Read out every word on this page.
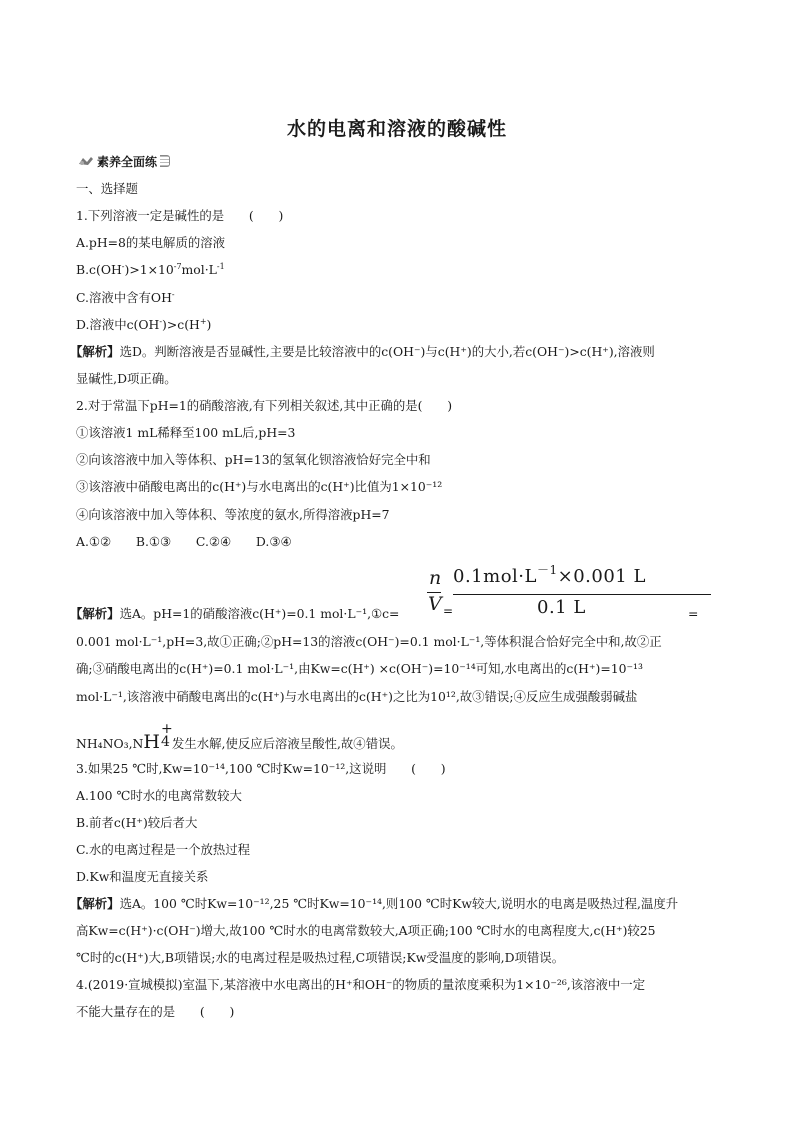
水的电离和溶液的酸碱性
素养全面练
一、选择题
1.下列溶液一定是碱性的是　　(　　)
A.pH=8的某电解质的溶液
$B.c(OH^-)>1\times 10^{-7}mol\cdot L^{-1}$
C.溶液中含有OH-
D.溶液中c(OH-)>c(H+)
【解析】选D。判断溶液是否显碱性,主要是比较溶液中的c(OH⁻)与c(H⁺)的大小,若c(OH⁻)>c(H⁺),溶液则
显碱性,D项正确。
2.对于常温下pH=1的硝酸溶液,有下列相关叙述,其中正确的是(　　)
①该溶液1 mL稀释至100 mL后,pH=3
②向该溶液中加入等体积、pH=13的氢氧化钡溶液恰好完全中和
③该溶液中硝酸电离出的c(H⁺)与水电离出的c(H⁺)比值为1×10⁻¹²
④向该溶液中加入等体积、等浓度的氨水,所得溶液pH=7
A.①②　　B.①③　　C.②④　　D.③④
n
V =
$0.1mol\cdot L^{-1}\times 0.001$ L
0.1 L
【解析】选A。pH=1的硝酸溶液c(H⁺)=0.1 mol·L⁻¹,①c=	=
0.001 mol·L⁻¹,pH=3,故①正确;②pH=13的溶液c(OH⁻)=0.1 mol·L⁻¹,等体积混合恰好完全中和,故②正
确;③硝酸电离出的c(H⁺)=0.1 mol·L⁻¹,由Kw=c(H⁺) ×c(OH⁻)=10⁻¹⁴可知,水电离出的c(H⁺)=10⁻¹³
mol·L⁻¹,该溶液中硝酸电离出的c(H⁺)与水电离出的c(H⁺)之比为10¹²,故③错误;④反应生成强酸弱碱盐
NH₄NO₃,NH
+
4 发生水解,使反应后溶液呈酸性,故④错误。
3.如果25 ℃时,Kw=10⁻¹⁴,100 ℃时Kw=10⁻¹²,这说明　　(　　)
A.100 ℃时水的电离常数较大
B.前者c(H⁺)较后者大
C.水的电离过程是一个放热过程
D.Kw和温度无直接关系
【解析】选A。100 ℃时Kw=10⁻¹²,25 ℃时Kw=10⁻¹⁴,则100 ℃时Kw较大,说明水的电离是吸热过程,温度升
高Kw=c(H⁺)·c(OH⁻)增大,故100 ℃时水的电离常数较大,A项正确;100 ℃时水的电离程度大,c(H⁺)较25
℃时的c(H⁺)大,B项错误;水的电离过程是吸热过程,C项错误;Kw受温度的影响,D项错误。
4.(2019·宣城模拟)室温下,某溶液中水电离出的H⁺和OH⁻的物质的量浓度乘积为1×10⁻²⁶,该溶液中一定
不能大量存在的是　　(　　)
